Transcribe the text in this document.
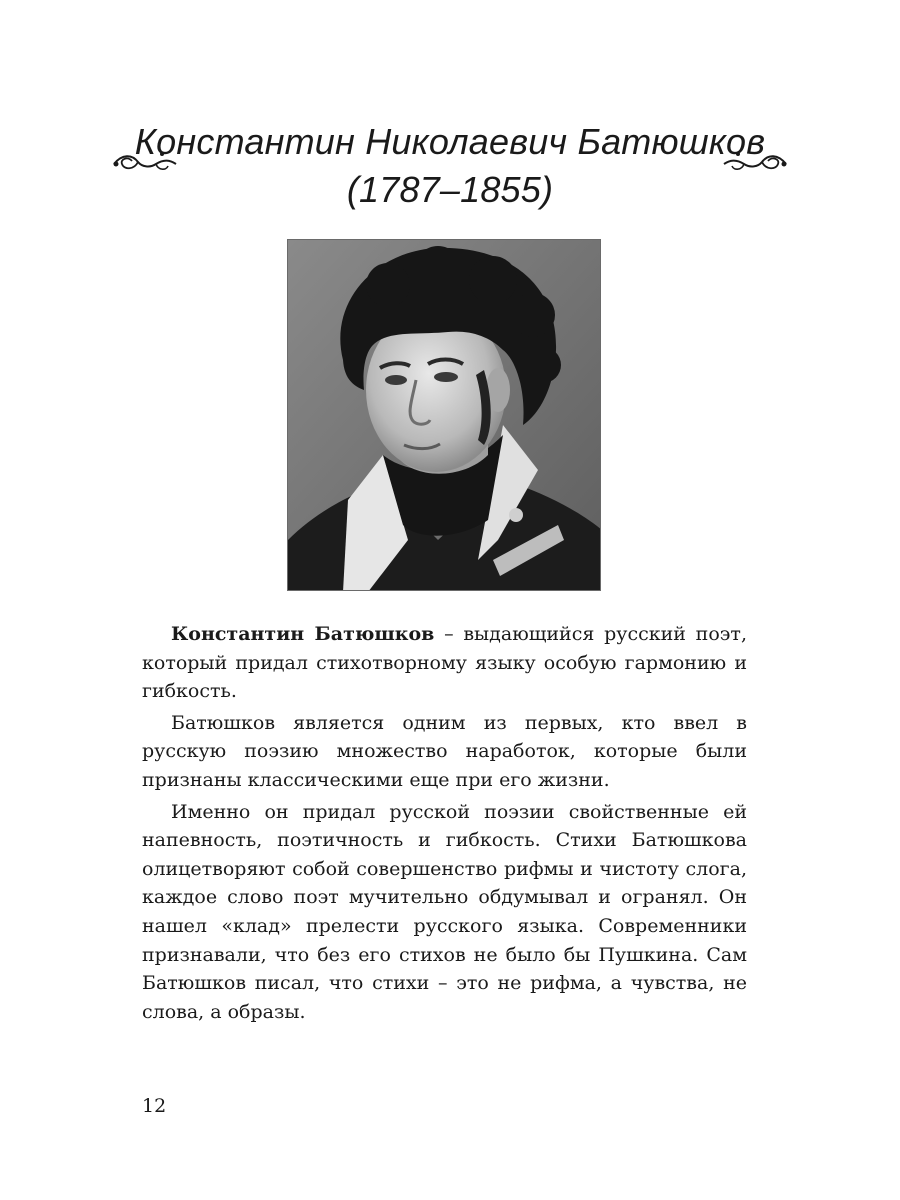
Константин Николаевич Батюшков
(1787–1855)

Константин Батюшков – выдающийся русский поэт, который придал стихотворному языку особую гармонию и гибкость.

Батюшков является одним из первых, кто ввел в русскую поэзию множество наработок, которые были признаны классическими еще при его жизни.

Именно он придал русской поэзии свойственные ей напевность, поэтичность и гибкость. Стихи Батюшкова олицетворяют собой совершенство рифмы и чистоту слога, каждое слово поэт мучительно обдумывал и огранял. Он нашел «клад» прелести русского языка. Современники признавали, что без его стихов не было бы Пушкина. Сам Батюшков писал, что стихи – это не рифма, а чувства, не слова, а образы.

12
